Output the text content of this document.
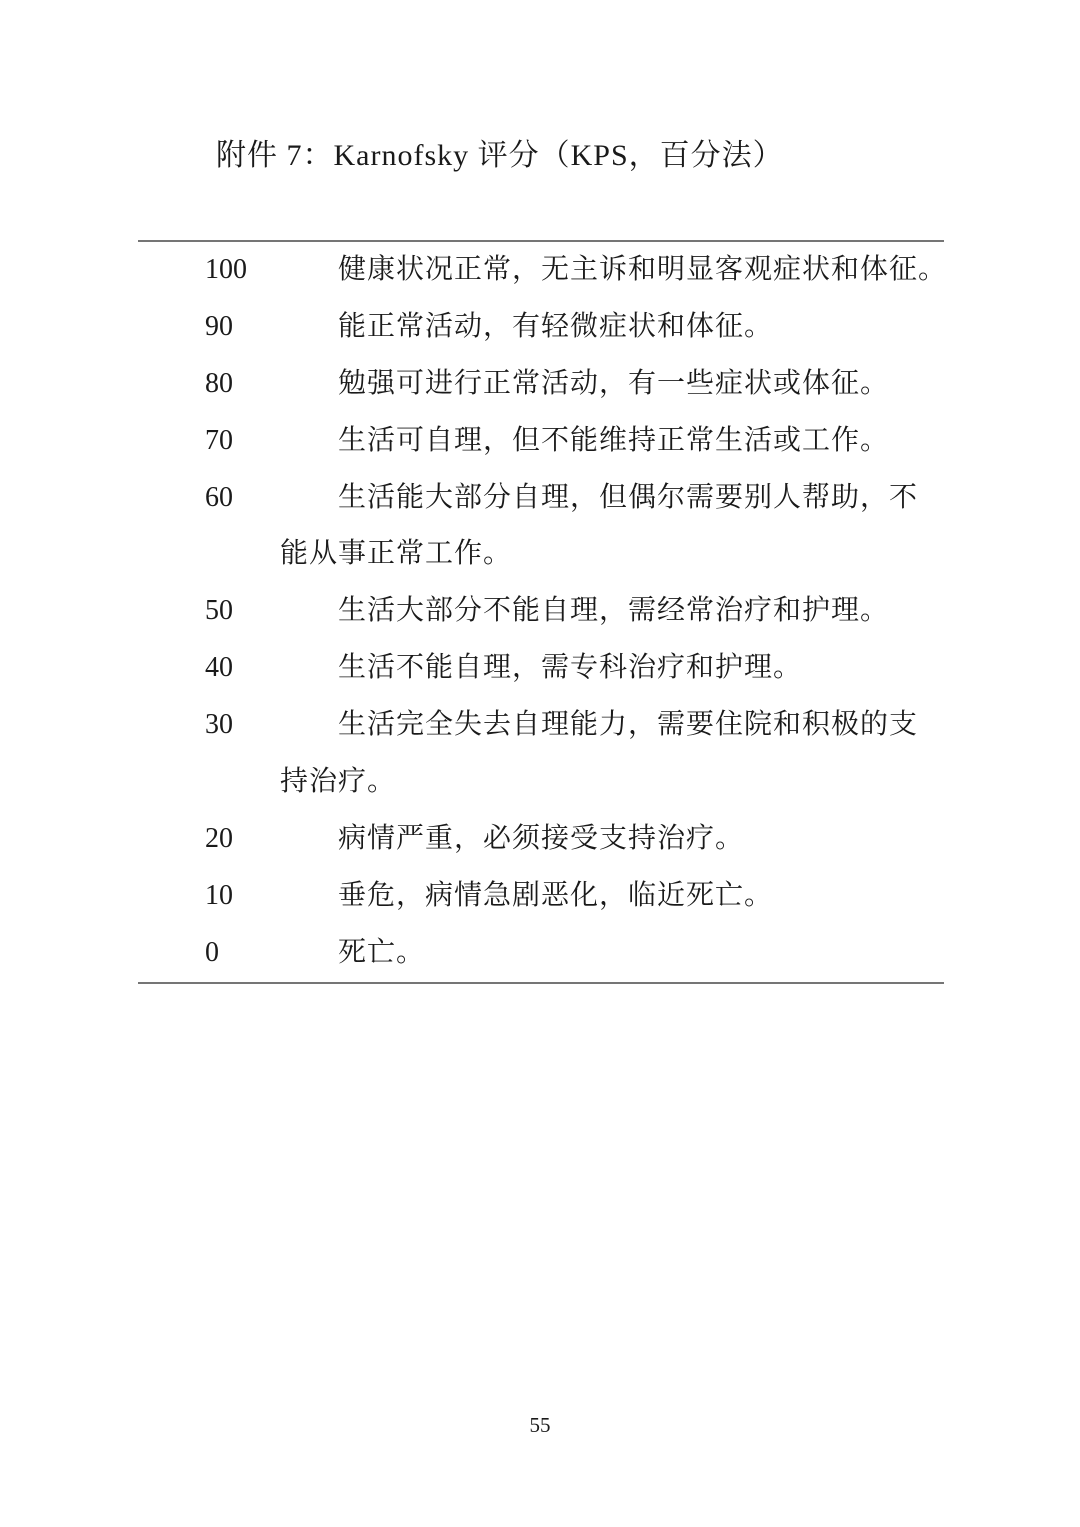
附件 7：Karnofsky 评分（KPS，百分法）
100	健康状况正常，无主诉和明显客观症状和体征。
90	能正常活动，有轻微症状和体征。
80	勉强可进行正常活动，有一些症状或体征。
70	生活可自理，但不能维持正常生活或工作。
60	生活能大部分自理，但偶尔需要别人帮助，不
能从事正常工作。
50	生活大部分不能自理，需经常治疗和护理。
40	生活不能自理，需专科治疗和护理。
30	生活完全失去自理能力，需要住院和积极的支
持治疗。
20	病情严重，必须接受支持治疗。
10	垂危，病情急剧恶化，临近死亡。
0	死亡。
55
